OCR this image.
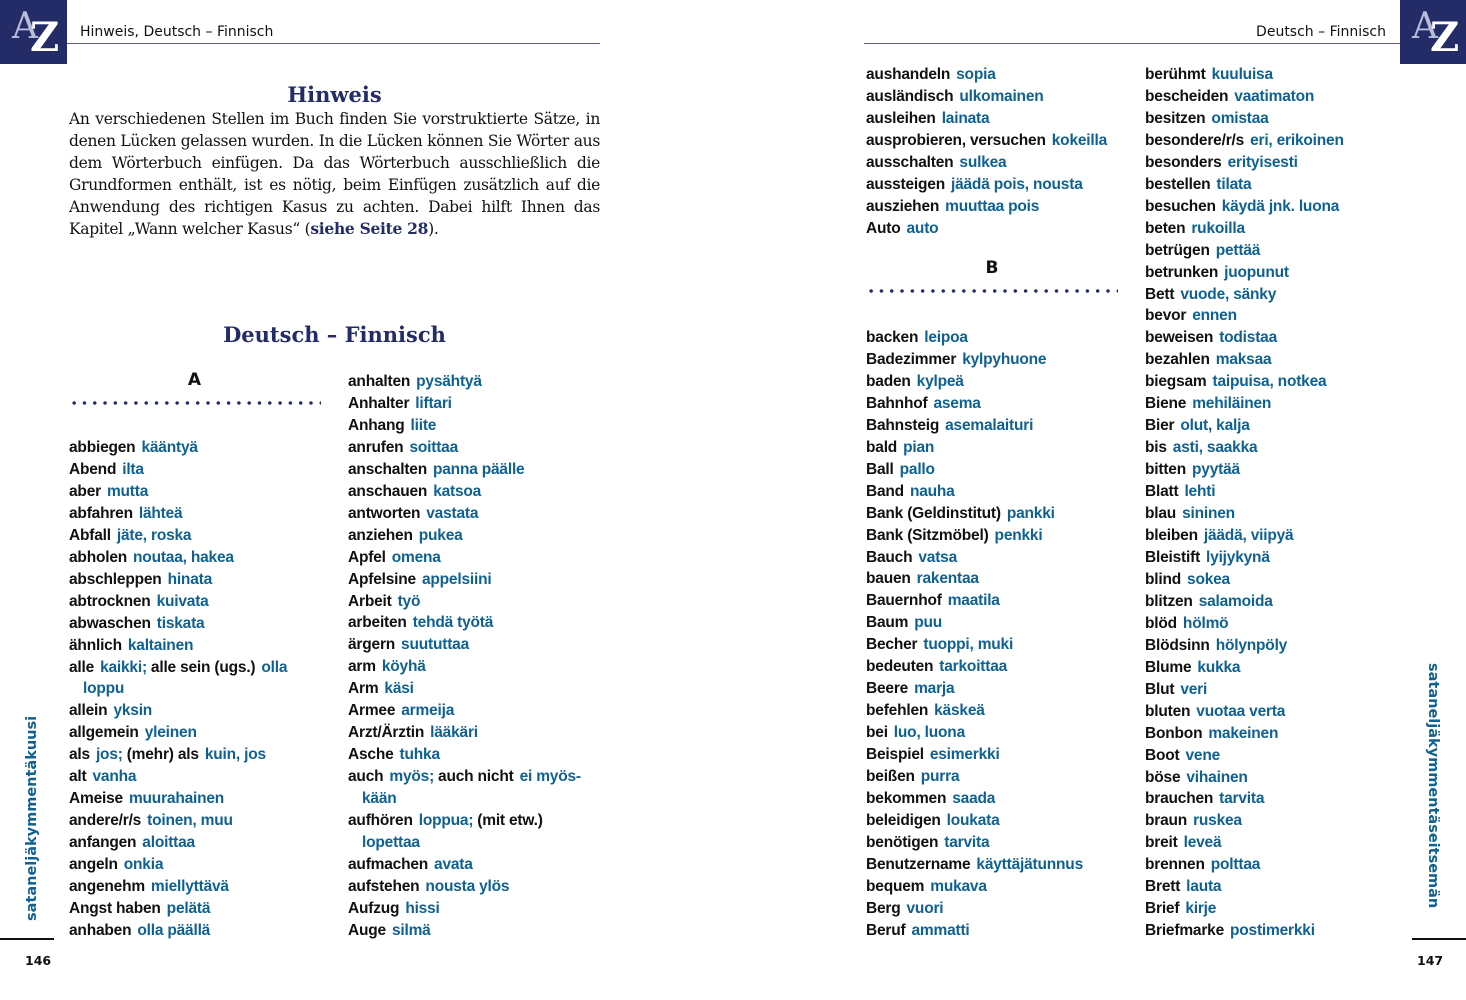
A
Z Hinweis, Deutsch – Finnisch
Hinweis
An verschiedenen Stellen im Buch finden Sie vorstruktierte Sätze, in denen Lücken gelassen wurden. In die Lücken können Sie Wörter aus dem Wörterbuch einfügen. Da das Wörterbuch ausschließlich die Grundformen enthält, ist es nötig, beim Einfügen zusätzlich auf die Anwendung des richtigen Kasus zu achten. Dabei hilft Ihnen das Kapitel „Wann welcher Kasus“ (siehe Seite 28).
Deutsch – Finnisch
A
abbiegen kääntyä
Abend ilta
aber mutta
abfahren lähteä
Abfall jäte, roska
abholen noutaa, hakea
abschleppen hinata
abtrocknen kuivata
abwaschen tiskata
ähnlich kaltainen
alle kaikki; alle sein (ugs.) olla
loppu
allein yksin
allgemein yleinen
als jos; (mehr) als kuin, jos
alt vanha
Ameise muurahainen
andere/r/s toinen, muu
anfangen aloittaa
angeln onkia
angenehm miellyttävä
Angst haben pelätä
anhaben olla päällä
anhalten pysähtyä
Anhalter liftari
Anhang liite
anrufen soittaa
anschalten panna päälle
anschauen katsoa
antworten vastata
anziehen pukea
Apfel omena
Apfelsine appelsiini
Arbeit työ
arbeiten tehdä työtä
ärgern suututtaa
arm köyhä
Arm käsi
Armee armeija
Arzt/Ärztin lääkäri
Asche tuhka
auch myös; auch nicht ei myös-
kään
aufhören loppua; (mit etw.)
lopettaa
aufmachen avata
aufstehen nousta ylös
Aufzug hissi
Auge silmä
sataneljäkymmentäkuusi
146
A
Z
Deutsch – Finnisch
aushandeln sopia
ausländisch ulkomainen
ausleihen lainata
ausprobieren, versuchen kokeilla
ausschalten sulkea
aussteigen jäädä pois, nousta
ausziehen muuttaa pois
Auto auto
B
backen leipoa
Badezimmer kylpyhuone
baden kylpeä
Bahnhof asema
Bahnsteig asemalaituri
bald pian
Ball pallo
Band nauha
Bank (Geldinstitut) pankki
Bank (Sitzmöbel) penkki
Bauch vatsa
bauen rakentaa
Bauernhof maatila
Baum puu
Becher tuoppi, muki
bedeuten tarkoittaa
Beere marja
befehlen käskeä
bei luo, luona
Beispiel esimerkki
beißen purra
bekommen saada
beleidigen loukata
benötigen tarvita
Benutzername käyttäjätunnus
bequem mukava
Berg vuori
Beruf ammatti
berühmt kuuluisa
bescheiden vaatimaton
besitzen omistaa
besondere/r/s eri, erikoinen
besonders erityisesti
bestellen tilata
besuchen käydä jnk. luona
beten rukoilla
betrügen pettää
betrunken juopunut
Bett vuode, sänky
bevor ennen
beweisen todistaa
bezahlen maksaa
biegsam taipuisa, notkea
Biene mehiläinen
Bier olut, kalja
bis asti, saakka
bitten pyytää
Blatt lehti
blau sininen
bleiben jäädä, viipyä
Bleistift lyijykynä
blind sokea
blitzen salamoida
blöd hölmö
Blödsinn hölynpöly
Blume kukka
Blut veri
bluten vuotaa verta
Bonbon makeinen
Boot vene
böse vihainen
brauchen tarvita
braun ruskea
breit leveä
brennen polttaa
Brett lauta
Brief kirje
Briefmarke postimerkki
sataneljäkymmentäseitsemän
147
